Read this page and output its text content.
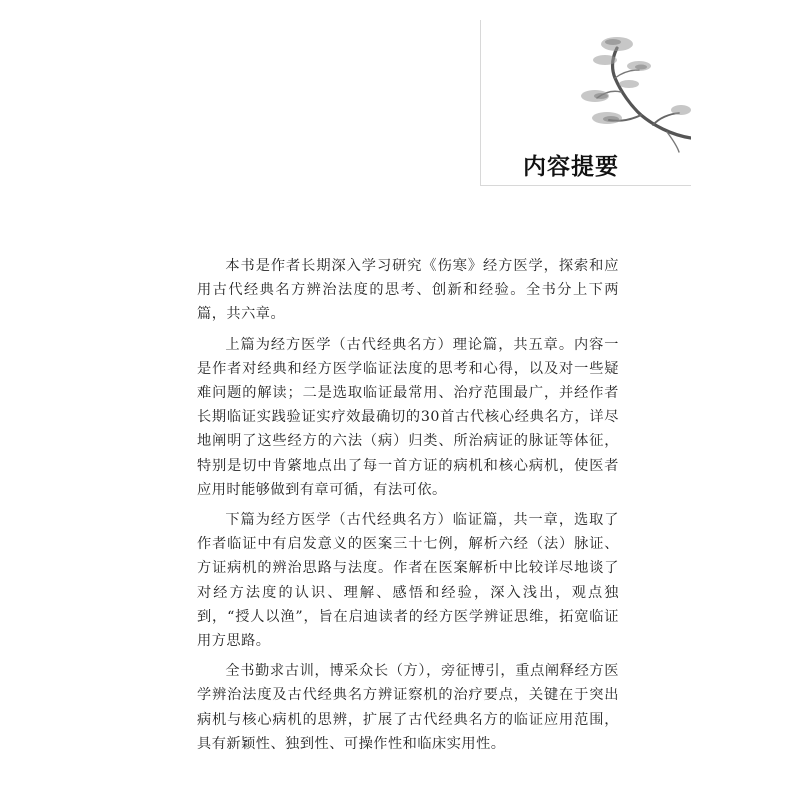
内容提要

本书是作者长期深入学习研究《伤寒》经方医学，探索和应用古代经典名方辨治法度的思考、创新和经验。全书分上下两篇，共六章。

上篇为经方医学（古代经典名方）理论篇，共五章。内容一是作者对经典和经方医学临证法度的思考和心得，以及对一些疑难问题的解读；二是选取临证最常用、治疗范围最广，并经作者长期临证实践验证实疗效最确切的30首古代核心经典名方，详尽地阐明了这些经方的六法（病）归类、所治病证的脉证等体征，特别是切中肯綮地点出了每一首方证的病机和核心病机，使医者应用时能够做到有章可循，有法可依。

下篇为经方医学（古代经典名方）临证篇，共一章，选取了作者临证中有启发意义的医案三十七例，解析六经（法）脉证、方证病机的辨治思路与法度。作者在医案解析中比较详尽地谈了对经方法度的认识、理解、感悟和经验，深入浅出，观点独到，“授人以渔”，旨在启迪读者的经方医学辨证思维，拓宽临证用方思路。

全书勤求古训，博采众长（方），旁征博引，重点阐释经方医学辨治法度及古代经典名方辨证察机的治疗要点，关键在于突出病机与核心病机的思辨，扩展了古代经典名方的临证应用范围，具有新颖性、独到性、可操作性和临床实用性。
